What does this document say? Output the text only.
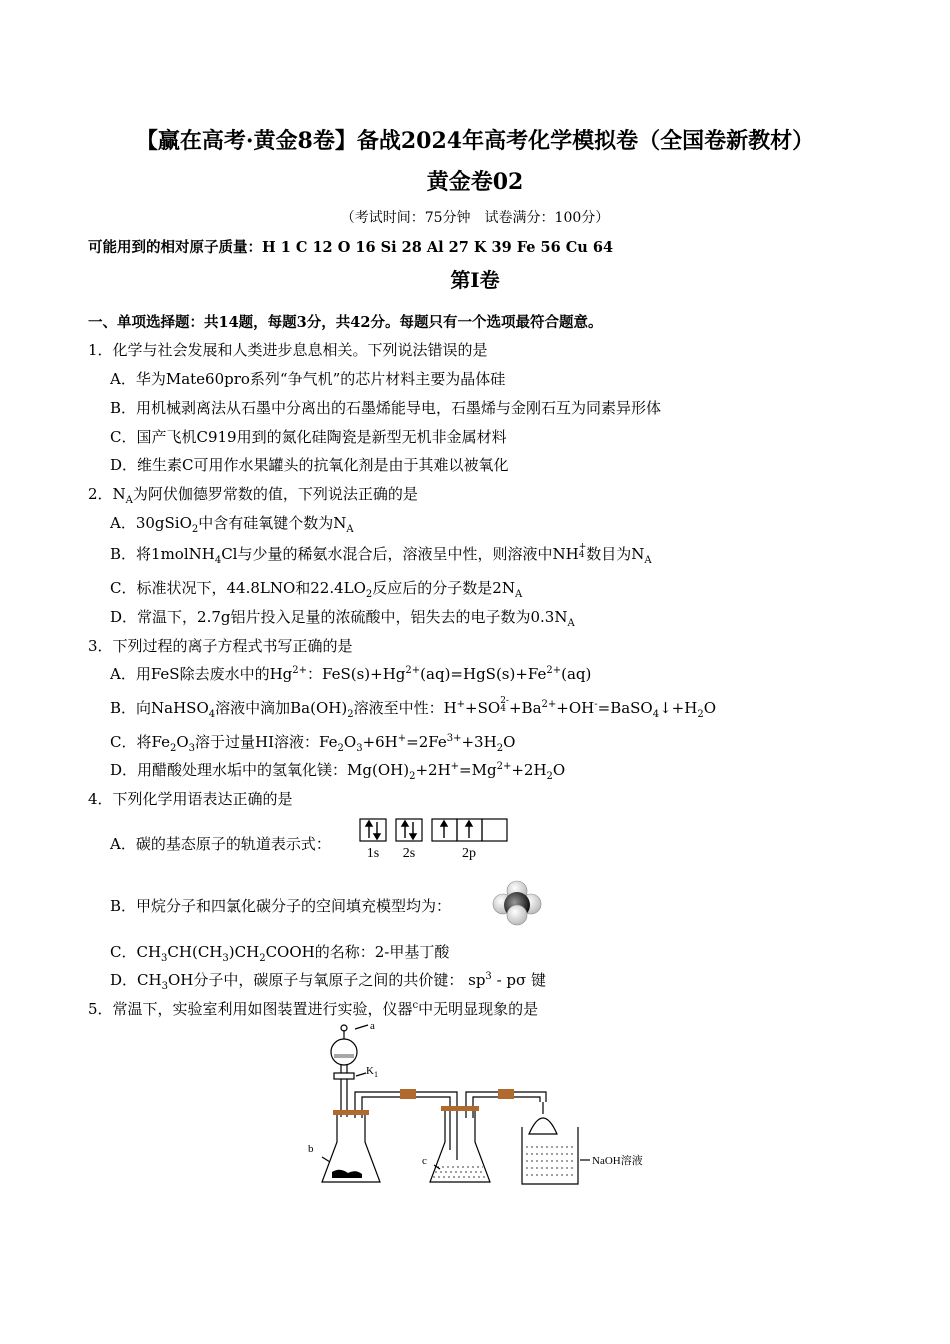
【赢在高考·黄金8卷】备战2024年高考化学模拟卷（全国卷新教材）
黄金卷02
（考试时间：75分钟　试卷满分：100分）
可能用到的相对原子质量：H 1 C 12 O 16 Si 28 Al 27 K 39 Fe 56 Cu 64
第Ⅰ卷
一、单项选择题：共14题，每题3分，共42分。每题只有一个选项最符合题意。
1．化学与社会发展和人类进步息息相关。下列说法错误的是
A．华为Mate60pro系列“争气机”的芯片材料主要为晶体硅
B．用机械剥离法从石墨中分离出的石墨烯能导电，石墨烯与金刚石互为同素异形体
C．国产飞机C919用到的氮化硅陶瓷是新型无机非金属材料
D．维生素C可用作水果罐头的抗氧化剂是由于其难以被氧化
2．$N_A$为阿伏伽德罗常数的值，下列说法正确的是
A．30gSiO$_2$中含有硅氧键个数为$N_A$
B．将1molNH$_4$Cl与少量的稀氨水混合后，溶液呈中性，则溶液中NH +
4 数目为$N_A$
C．标准状况下，44.8LNO和$22.4LO_2$反应后的分子数是$2N_A$
D．常温下，2.7g铝片投入足量的浓硫酸中，铝失去的电子数为$0.3N_A$
3．下列过程的离子方程式书写正确的是
A．用FeS除去废水中的$Hg^{2+}$：$FeS(s)+Hg^{2+}(aq)=HgS(s)+Fe^{2+}(aq)$
B．向NaHSO$_4$溶液中滴加$Ba(OH)_2$溶液至中性：H++SO 2-
$4 +Ba^{2+}+OH^-=BaSO_4↓+H_2O$
C．将$Fe_2O_3$溶于过量HI溶液：$Fe_2O_3+6H^+=2Fe^{3+}+3H_2O$
D．用醋酸处理水垢中的氢氧化镁：$Mg(OH)_2+2H^+=Mg^{2+}+2H_2O$
4．下列化学用语表达正确的是
A．碳的基态原子的轨道表示式：
1s 2s	2p
B．甲烷分子和四氯化碳分子的空间填充模型均为：
C．$CH_3CH(CH_3)CH_2COOH$的名称：2-甲基丁酸
D．$CH_3OH$分子中，碳原子与氧原子之间的共价键： $sp^3$ - pσ 键
5．常温下，实验室利用如图装置进行实验，仪器$^c$中无明显现象的是
a
$K_1$
b
c	NaOH溶液
